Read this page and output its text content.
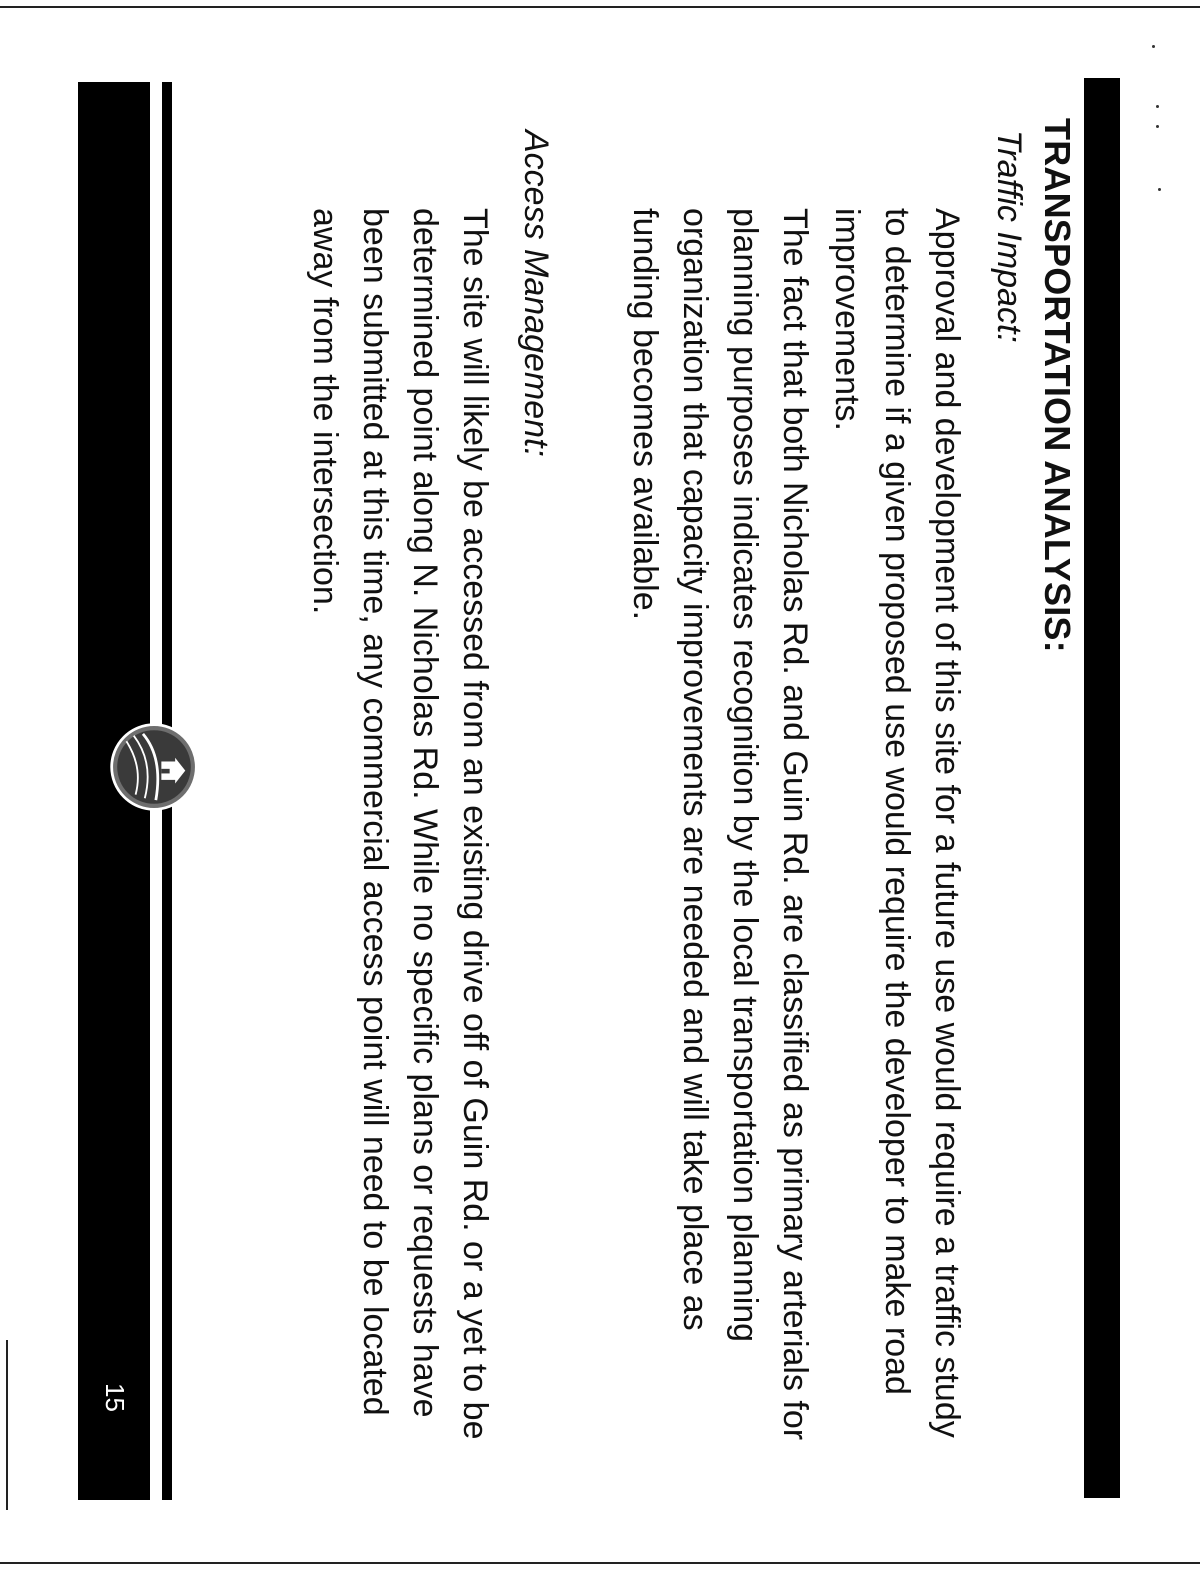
TRANSPORTATION ANALYSIS:
Traffic Impact:

Approval and development of this site for a future use would require a traffic study to determine if a given proposed use would require the developer to make road improvements.

The fact that both Nicholas Rd. and Guin Rd. are classified as primary arterials for planning purposes indicates recognition by the local transportation planning organization that capacity improvements are needed and will take place as funding becomes available.

Access Management:

The site will likely be accessed from an existing drive off of Guin Rd. or a yet to be determined point along N. Nicholas Rd. While no specific plans or requests have been submitted at this time, any commercial access point will need to be located away from the intersection.

15
